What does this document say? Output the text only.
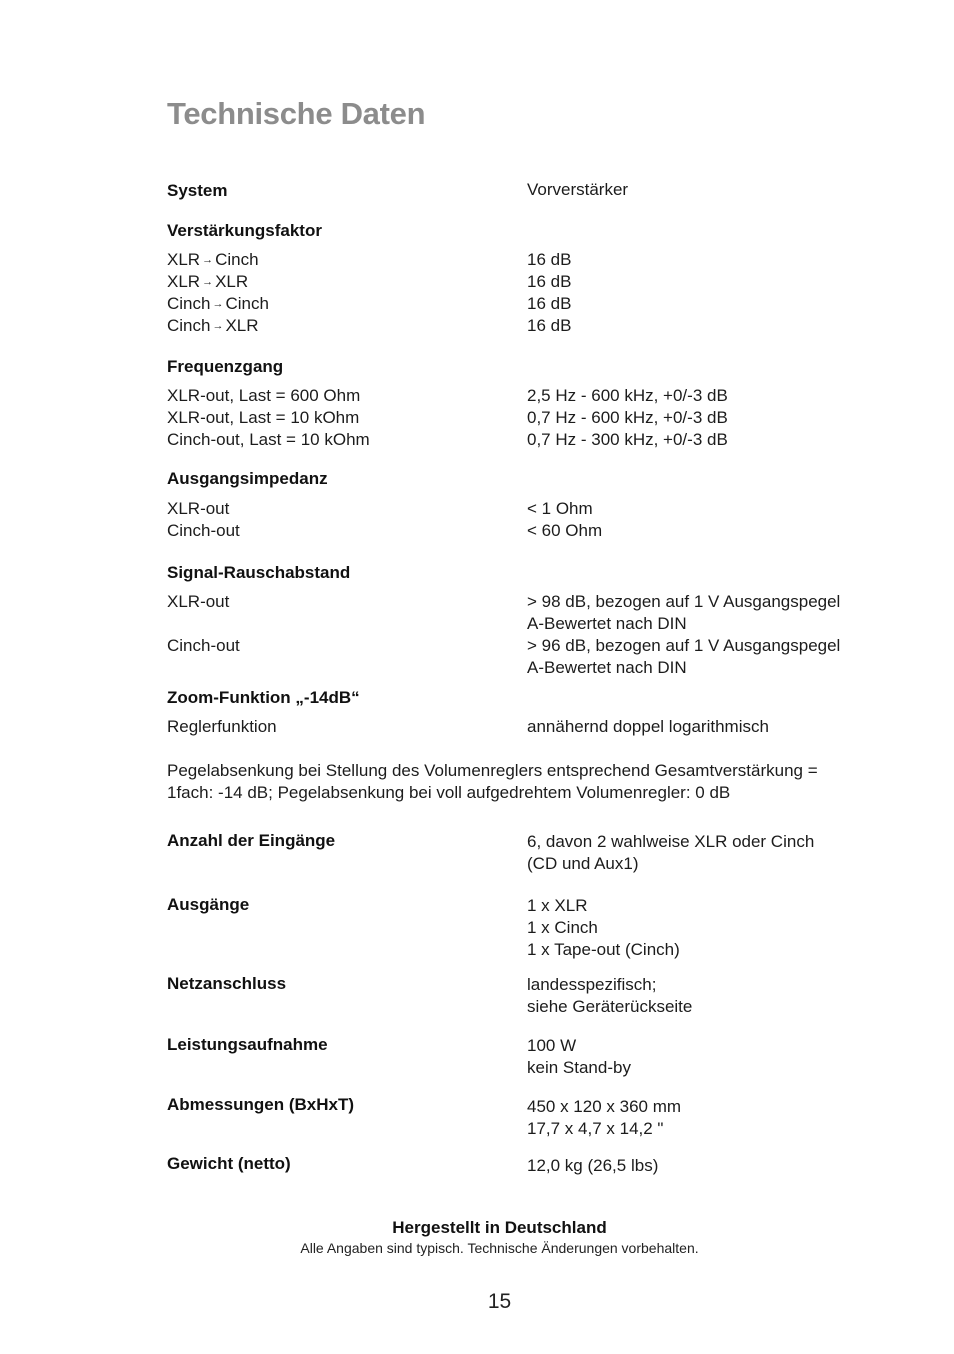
Technische Daten
System	Vorverstärker
Verstärkungsfaktor
XLR → Cinch	16 dB
XLR → XLR	16 dB
Cinch → Cinch	16 dB
Cinch → XLR	16 dB
Frequenzgang
XLR-out, Last = 600 Ohm	2,5 Hz - 600 kHz, +0/-3 dB
XLR-out, Last = 10 kOhm	0,7 Hz - 600 kHz, +0/-3 dB
Cinch-out, Last = 10 kOhm	0,7 Hz - 300 kHz, +0/-3 dB
Ausgangsimpedanz
XLR-out	< 1 Ohm
Cinch-out	< 60 Ohm
Signal-Rauschabstand
XLR-out	> 98 dB, bezogen auf 1 V Ausgangspegel
A-Bewertet nach DIN
Cinch-out	> 96 dB, bezogen auf 1 V Ausgangspegel
A-Bewertet nach DIN
Zoom-Funktion „-14dB“
Reglerfunktion	annähernd doppel logarithmisch
Pegelabsenkung bei Stellung des Volumenreglers entsprechend Gesamtverstärkung =
1fach: -14 dB; Pegelabsenkung bei voll aufgedrehtem Volumenregler: 0 dB
Anzahl der Eingänge	6, davon 2 wahlweise XLR oder Cinch
(CD und Aux1)
Ausgänge	1 x XLR
1 x Cinch
1 x Tape-out (Cinch)
Netzanschluss	landesspezifisch;
siehe Geräterückseite
Leistungsaufnahme	100 W
kein Stand-by
Abmessungen (BxHxT)	450 x 120 x 360 mm
17,7 x 4,7 x 14,2 "
Gewicht (netto)	12,0 kg (26,5 lbs)
Hergestellt in Deutschland
Alle Angaben sind typisch. Technische Änderungen vorbehalten.
15
